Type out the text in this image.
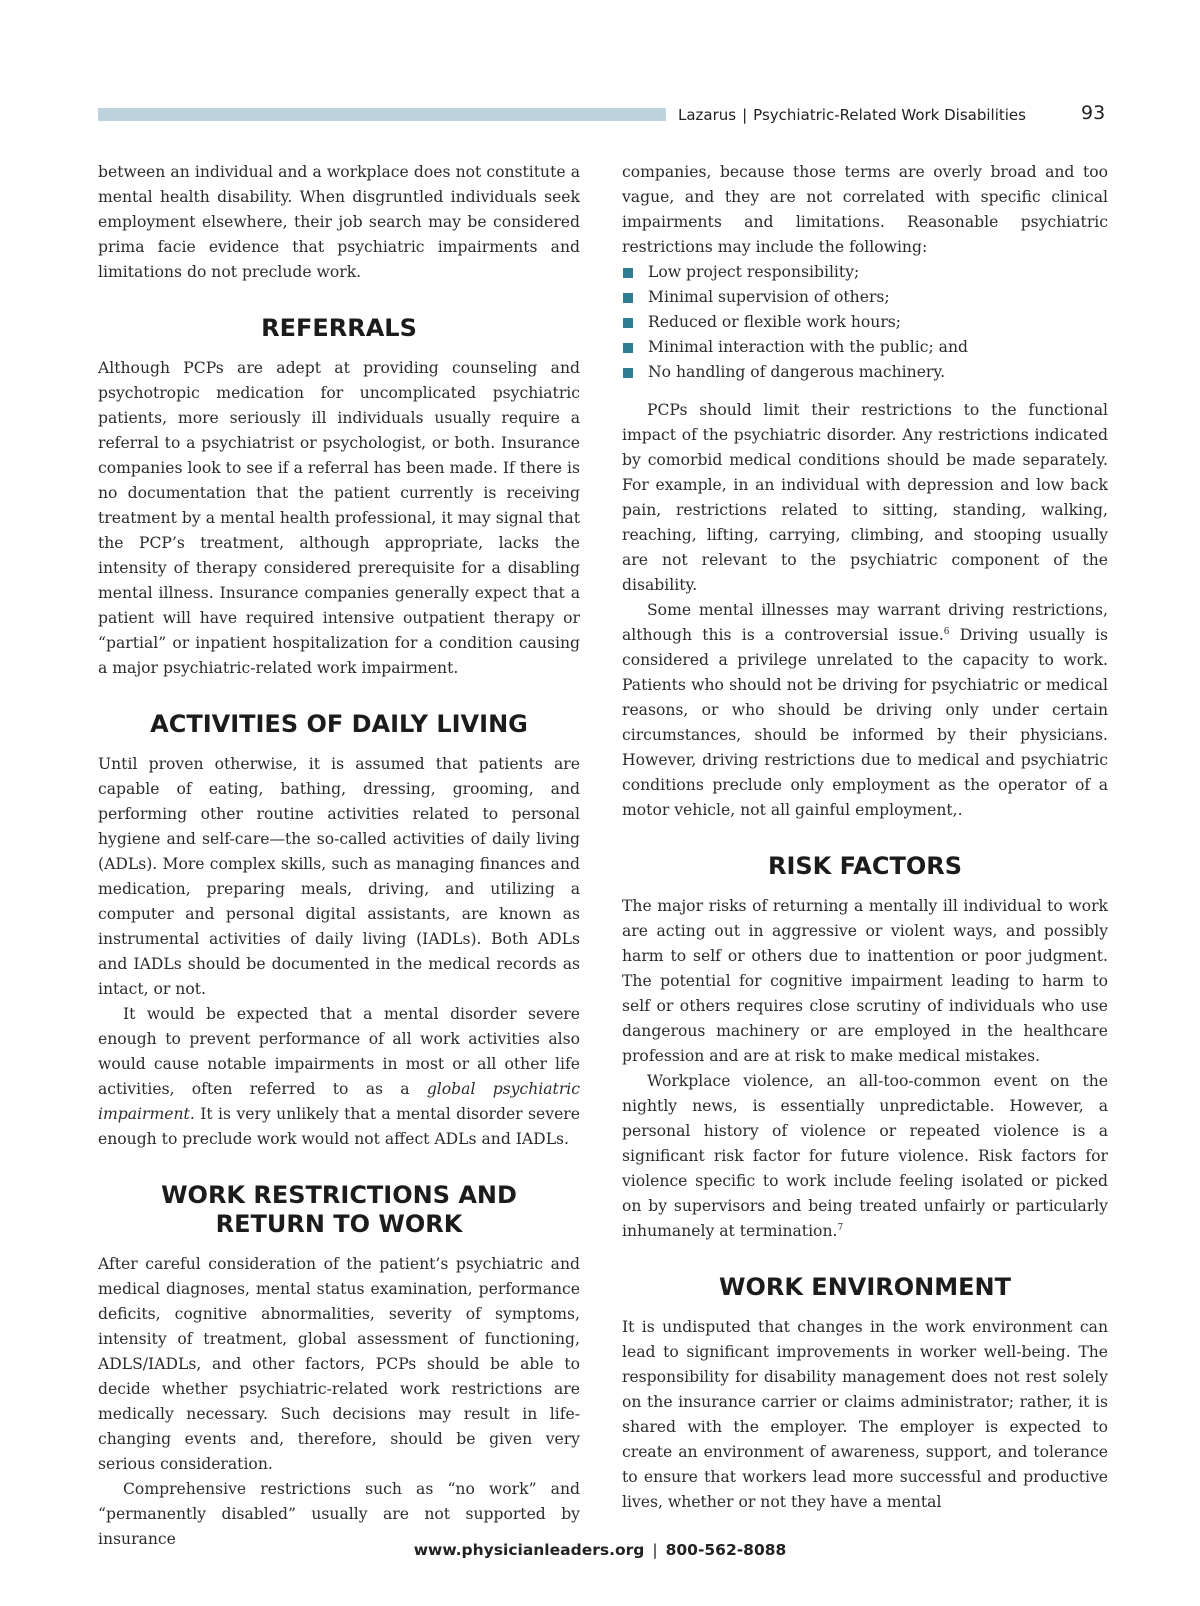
Lazarus | Psychiatric-Related Work Disabilities	93

between an individual and a workplace does not constitute a mental health disability. When disgruntled individuals seek employment elsewhere, their job search may be considered prima facie evidence that psychiatric impairments and limitations do not preclude work.

REFERRALS

Although PCPs are adept at providing counseling and psychotropic medication for uncomplicated psychiatric patients, more seriously ill individuals usually require a referral to a psychiatrist or psychologist, or both. Insurance companies look to see if a referral has been made. If there is no documentation that the patient currently is receiving treatment by a mental health professional, it may signal that the PCP’s treatment, although appropriate, lacks the intensity of therapy considered prerequisite for a disabling mental illness. Insurance companies generally expect that a patient will have required intensive outpatient therapy or “partial” or inpatient hospitalization for a condition causing a major psychiatric-related work impairment.

ACTIVITIES OF DAILY LIVING

Until proven otherwise, it is assumed that patients are capable of eating, bathing, dressing, grooming, and performing other routine activities related to personal hygiene and self-care—the so-called activities of daily living (ADLs). More complex skills, such as managing finances and medication, preparing meals, driving, and utilizing a computer and personal digital assistants, are known as instrumental activities of daily living (IADLs). Both ADLs and IADLs should be documented in the medical records as intact, or not.

It would be expected that a mental disorder severe enough to prevent performance of all work activities also would cause notable impairments in most or all other life activities, often referred to as a global psychiatric impairment. It is very unlikely that a mental disorder severe enough to preclude work would not affect ADLs and IADLs.

WORK RESTRICTIONS AND
RETURN TO WORK

After careful consideration of the patient’s psychiatric and medical diagnoses, mental status examination, performance deficits, cognitive abnormalities, severity of symptoms, intensity of treatment, global assessment of functioning, ADLS/IADLs, and other factors, PCPs should be able to decide whether psychiatric-related work restrictions are medically necessary. Such decisions may result in life-changing events and, therefore, should be given very serious consideration.

Comprehensive restrictions such as “no work” and “permanently disabled” usually are not supported by insurance

companies, because those terms are overly broad and too vague, and they are not correlated with specific clinical impairments and limitations. Reasonable psychiatric restrictions may include the following:

Low project responsibility;
Minimal supervision of others;
Reduced or flexible work hours;
Minimal interaction with the public; and
No handling of dangerous machinery.

PCPs should limit their restrictions to the functional impact of the psychiatric disorder. Any restrictions indicated by comorbid medical conditions should be made separately. For example, in an individual with depression and low back pain, restrictions related to sitting, standing, walking, reaching, lifting, carrying, climbing, and stooping usually are not relevant to the psychiatric component of the disability.

Some mental illnesses may warrant driving restrictions, although this is a controversial issue.$^6$ Driving usually is considered a privilege unrelated to the capacity to work. Patients who should not be driving for psychiatric or medical reasons, or who should be driving only under certain circumstances, should be informed by their physicians. However, driving restrictions due to medical and psychiatric conditions preclude only employment as the operator of a motor vehicle, not all gainful employment,.

RISK FACTORS

The major risks of returning a mentally ill individual to work are acting out in aggressive or violent ways, and possibly harm to self or others due to inattention or poor judgment. The potential for cognitive impairment leading to harm to self or others requires close scrutiny of individuals who use dangerous machinery or are employed in the healthcare profession and are at risk to make medical mistakes.

Workplace violence, an all-too-common event on the nightly news, is essentially unpredictable. However, a personal history of violence or repeated violence is a significant risk factor for future violence. Risk factors for violence specific to work include feeling isolated or picked on by supervisors and being treated unfairly or particularly inhumanely at termination.$^7$

WORK ENVIRONMENT

It is undisputed that changes in the work environment can lead to significant improvements in worker well-being. The responsibility for disability management does not rest solely on the insurance carrier or claims administrator; rather, it is shared with the employer. The employer is expected to create an environment of awareness, support, and tolerance to ensure that workers lead more successful and productive lives, whether or not they have a mental

www.physicianleaders.org | 800-562-8088
